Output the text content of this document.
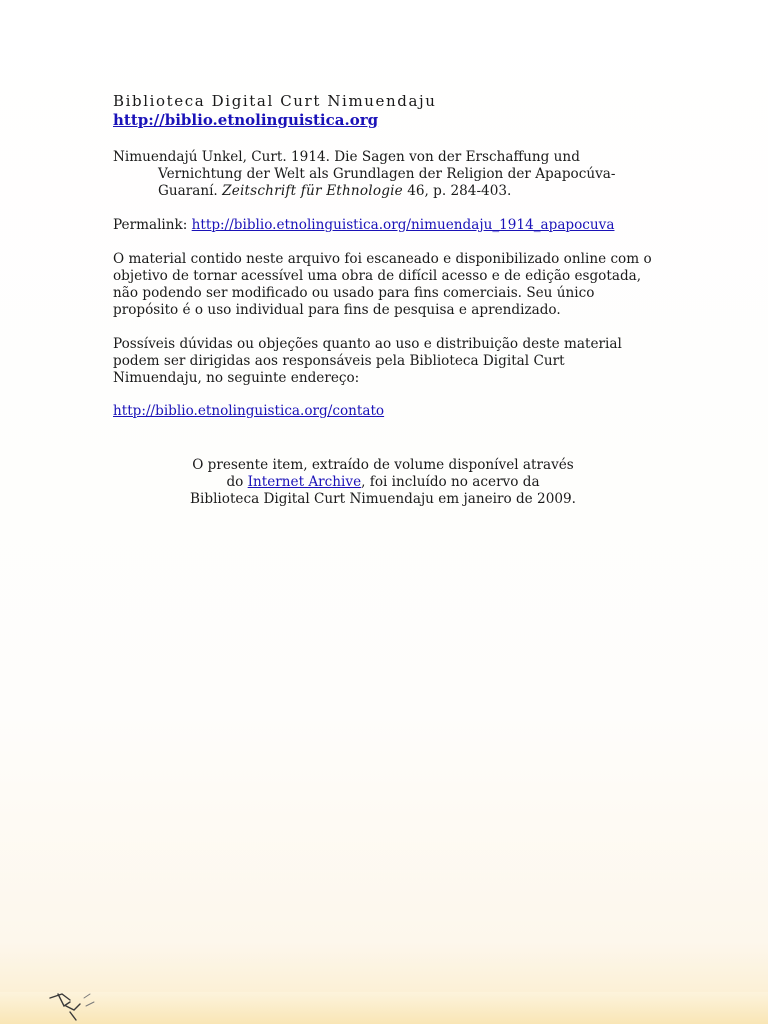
Biblioteca Digital Curt Nimuendaju

http://biblio.etnolinguistica.org

Nimuendajú Unkel, Curt. 1914. Die Sagen von der Erschaffung und Vernichtung der Welt als Grundlagen der Religion der Apapocúva-Guaraní. Zeitschrift für Ethnologie 46, p. 284-403.

Permalink: http://biblio.etnolinguistica.org/nimuendaju_1914_apapocuva

O material contido neste arquivo foi escaneado e disponibilizado online com o objetivo de tornar acessível uma obra de difícil acesso e de edição esgotada, não podendo ser modificado ou usado para fins comerciais. Seu único propósito é o uso individual para fins de pesquisa e aprendizado.

Possíveis dúvidas ou objeções quanto ao uso e distribuição deste material podem ser dirigidas aos responsáveis pela Biblioteca Digital Curt Nimuendaju, no seguinte endereço:

http://biblio.etnolinguistica.org/contato

O presente item, extraído de volume disponível através

do Internet Archive, foi incluído no acervo da

Biblioteca Digital Curt Nimuendaju em janeiro de 2009.
